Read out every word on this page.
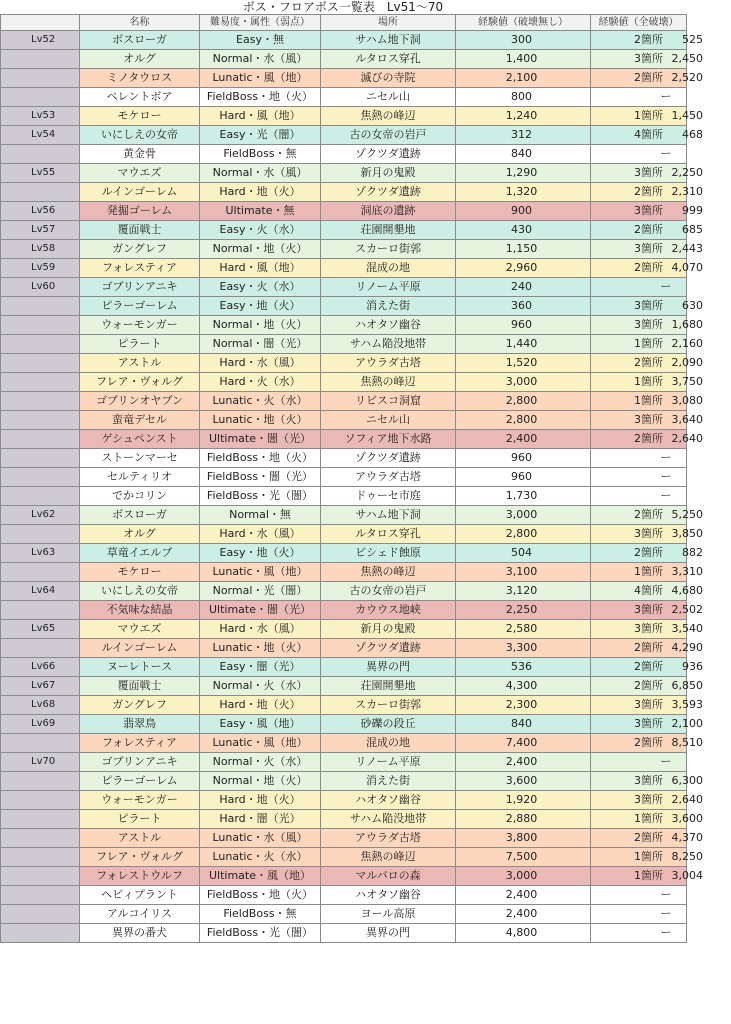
ボス・フロアボス一覧表　Lv51〜70
	名称	難易度・属性（弱点）	場所	経験値（破壊無し）	経験値（全破壊）
Lv52	ボスローガ	Easy・無	サハム地下洞	300	2箇所 525
	オルグ	Normal・水（風）	ルタロス穿孔	1,400	3箇所 2,450
	ミノタウロス	Lunatic・風（地）	滅びの寺院	2,100	2箇所 2,520
	ペレントボア	FieldBoss・地（火）	ニセル山	800	ー
Lv53	モケロー	Hard・風（地）	焦熱の峰辺	1,240	1箇所 1,450
Lv54	いにしえの女帝	Easy・光（闇）	古の女帝の岩戸	312	4箇所 468
	黄金骨	FieldBoss・無	ゾクツダ遺跡	840	ー
Lv55	マウエズ	Normal・水（風）	新月の鬼殿	1,290	3箇所 2,250
	ルインゴーレム	Hard・地（火）	ゾクツダ遺跡	1,320	2箇所 2,310
Lv56	発掘ゴーレム	Ultimate・無	洞底の遺跡	900	3箇所 999
Lv57	覆面戦士	Easy・火（水）	荘園開墾地	430	2箇所 685
Lv58	ガングレフ	Normal・地（火）	スカーロ街郭	1,150	3箇所 2,443
Lv59	フォレスティア	Hard・風（地）	混成の地	2,960	2箇所 4,070
Lv60	ゴブリンアニキ	Easy・火（水）	リノーム平原	240	ー
	ピラーゴーレム	Easy・地（火）	消えた街	360	3箇所 630
	ウォーモンガー	Normal・地（火）	ハオタソ幽谷	960	3箇所 1,680
	ピラート	Normal・闇（光）	サハム陥没地帯	1,440	1箇所 2,160
	アストル	Hard・水（風）	アウラダ古塔	1,520	2箇所 2,090
	フレア・ヴォルグ	Hard・火（水）	焦熱の峰辺	3,000	1箇所 3,750
	ゴブリンオヤブン	Lunatic・火（水）	リビスコ洞窟	2,800	1箇所 3,080
	蛮竜デセル	Lunatic・地（火）	ニセル山	2,800	3箇所 3,640
	ゲシュペンスト	Ultimate・闇（光）	ソフィア地下水路	2,400	2箇所 2,640
	ストーンマーセ	FieldBoss・地（火）	ゾクツダ遺跡	960	ー
	セルティリオ	FieldBoss・闇（光）	アウラダ古塔	960	ー
	でかコリン	FieldBoss・光（闇）	ドゥーセ市庭	1,730	ー
Lv62	ボスローガ	Normal・無	サハム地下洞	3,000	2箇所 5,250
	オルグ	Hard・水（風）	ルタロス穿孔	2,800	3箇所 3,850
Lv63	草竜イエルブ	Easy・地（火）	ビシェド蝕原	504	2箇所 882
	モケロー	Lunatic・風（地）	焦熱の峰辺	3,100	1箇所 3,310
Lv64	いにしえの女帝	Normal・光（闇）	古の女帝の岩戸	3,120	4箇所 4,680
	不気味な結晶	Ultimate・闇（光）	カウウス地峡	2,250	3箇所 2,502
Lv65	マウエズ	Hard・水（風）	新月の鬼殿	2,580	3箇所 3,540
	ルインゴーレム	Lunatic・地（火）	ゾクツダ遺跡	3,300	2箇所 4,290
Lv66	ヌーレトース	Easy・闇（光）	異界の門	536	2箇所 936
Lv67	覆面戦士	Normal・火（水）	荘園開墾地	4,300	2箇所 6,850
Lv68	ガングレフ	Hard・地（火）	スカーロ街郭	2,300	3箇所 3,593
Lv69	翡翠鳥	Easy・風（地）	砂礫の段丘	840	3箇所 2,100
	フォレスティア	Lunatic・風（地）	混成の地	7,400	2箇所 8,510
Lv70	ゴブリンアニキ	Normal・火（水）	リノーム平原	2,400	ー
	ピラーゴーレム	Normal・地（火）	消えた街	3,600	3箇所 6,300
	ウォーモンガー	Hard・地（火）	ハオタソ幽谷	1,920	3箇所 2,640
	ピラート	Hard・闇（光）	サハム陥没地帯	2,880	1箇所 3,600
	アストル	Lunatic・水（風）	アウラダ古塔	3,800	2箇所 4,370
	フレア・ヴォルグ	Lunatic・火（水）	焦熱の峰辺	7,500	1箇所 8,250
	フォレストウルフ	Ultimate・風（地）	マルバロの森	3,000	1箇所 3,004
	ヘビィプラント	FieldBoss・地（火）	ハオタソ幽谷	2,400	ー
	アルコイリス	FieldBoss・無	ヨール高原	2,400	ー
	異界の番犬	FieldBoss・光（闇）	異界の門	4,800	ー
